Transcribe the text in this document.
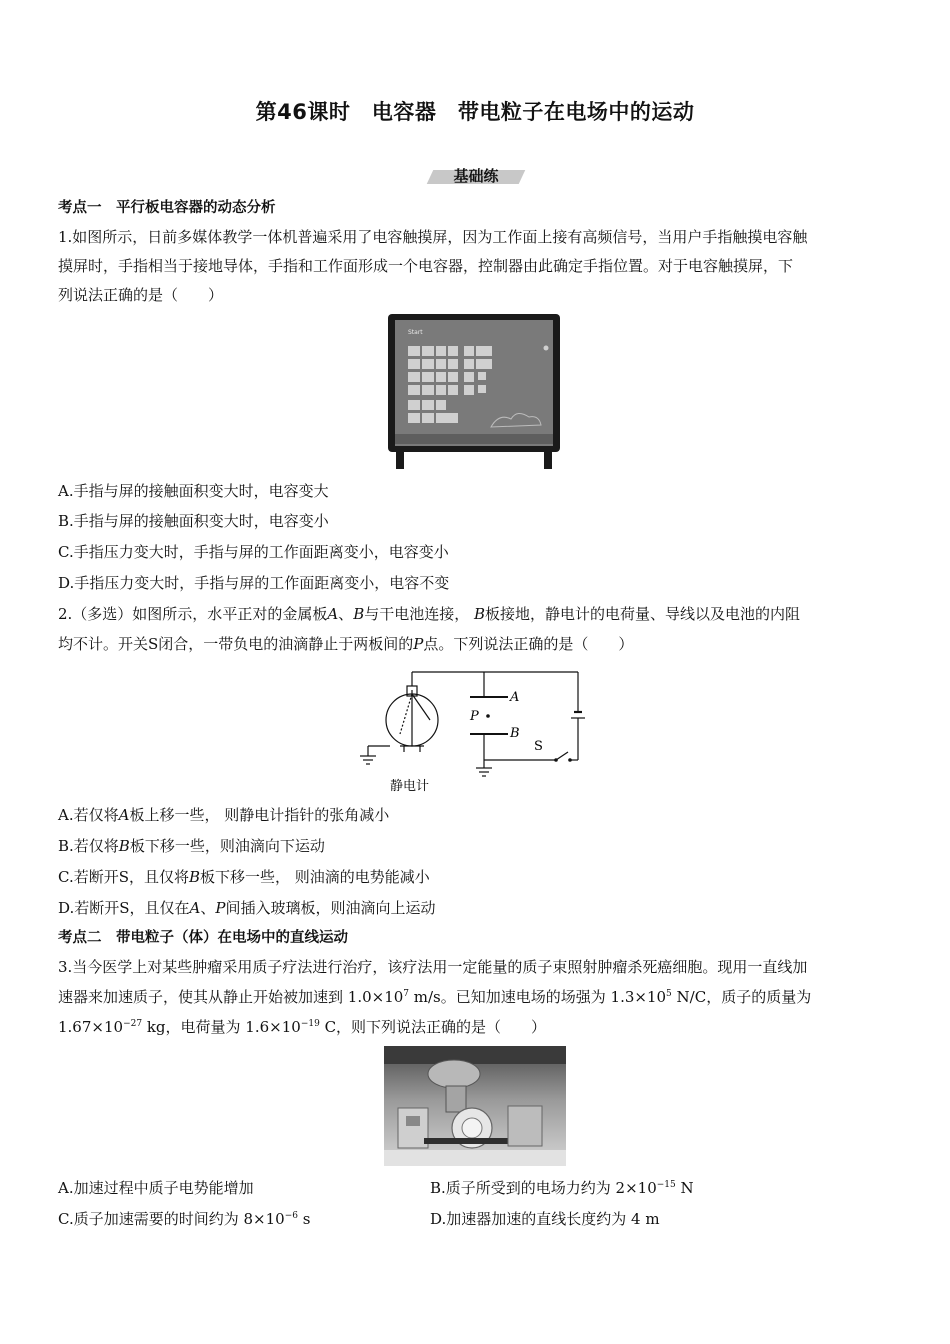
第46课时　电容器　带电粒子在电场中的运动
基础练
考点一　平行板电容器的动态分析
1.如图所示，日前多媒体教学一体机普遍采用了电容触摸屏，因为工作面上接有高频信号，当用户手指触摸电容触
摸屏时，手指相当于接地导体，手指和工作面形成一个电容器，控制器由此确定手指位置。对于电容触摸屏，下
列说法正确的是（　　）
Start
A.手指与屏的接触面积变大时，电容变大
B.手指与屏的接触面积变大时，电容变小
C.手指压力变大时，手指与屏的工作面距离变小，电容变小
D.手指压力变大时，手指与屏的工作面距离变小，电容不变
2.（多选）如图所示，水平正对的金属板A、B与干电池连接， B板接地，静电计的电荷量、导线以及电池的内阻
均不计。开关S闭合，一带负电的油滴静止于两板间的P点。下列说法正确的是（　　）
A
B
P
S
静电计
A.若仅将A板上移一些， 则静电计指针的张角减小
B.若仅将B板下移一些，则油滴向下运动
C.若断开S，且仅将B板下移一些， 则油滴的电势能减小
D.若断开S，且仅在A、P间插入玻璃板，则油滴向上运动
考点二　带电粒子（体）在电场中的直线运动
3.当今医学上对某些肿瘤采用质子疗法进行治疗，该疗法用一定能量的质子束照射肿瘤杀死癌细胞。现用一直线加
速器来加速质子，使其从静止开始被加速到 $1.0\times 10^7$ m/s。已知加速电场的场强为 $1.3\times 10^5$ N/C，质子的质量为
$1.67\times 10^{-27}$ kg，电荷量为 $1.6\times 10^{-19}$ C，则下列说法正确的是（　　）
A.加速过程中质子电势能增加	B.质子所受到的电场力约为 $2\times 10^{-15}$ N
C.质子加速需要的时间约为 $8\times 10^{-6}$ s	D.加速器加速的直线长度约为 4 m
